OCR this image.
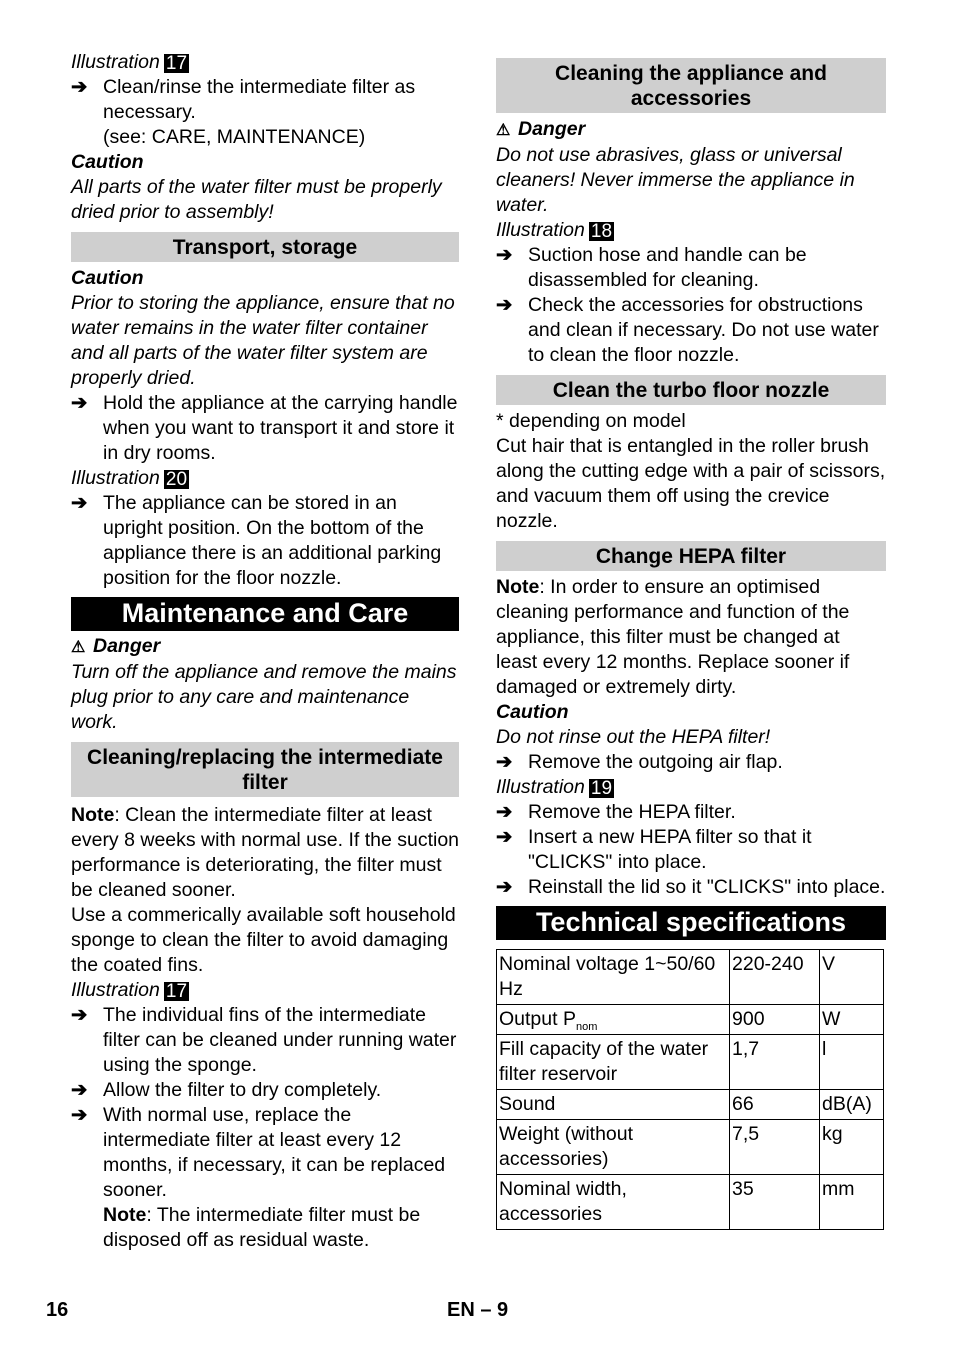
Illustration 17

➔ Clean/rinse the intermediate filter as necessary.
(see: CARE, MAINTENANCE)

Caution

All parts of the water filter must be properly dried prior to assembly!

Transport, storage

Caution

Prior to storing the appliance, ensure that no water remains in the water filter container and all parts of the water filter system are properly dried.

➔ Hold the appliance at the carrying handle when you want to transport it and store it in dry rooms.

Illustration 20

➔ The appliance can be stored in an upright position. On the bottom of the appliance there is an additional parking position for the floor nozzle.

Maintenance and Care

⚠ Danger

Turn off the appliance and remove the mains plug prior to any care and maintenance work.

Cleaning/replacing the intermediate filter

Note: Clean the intermediate filter at least every 8 weeks with normal use. If the suction performance is deteriorating, the filter must be cleaned sooner.

Use a commerically available soft household sponge to clean the filter to avoid damaging the coated fins.

Illustration 17

➔ The individual fins of the intermediate filter can be cleaned under running water using the sponge.

➔ Allow the filter to dry completely.

➔ With normal use, replace the intermediate filter at least every 12 months, if necessary, it can be replaced sooner.
Note: The intermediate filter must be disposed off as residual waste.

Cleaning the appliance and accessories

⚠ Danger

Do not use abrasives, glass or universal cleaners! Never immerse the appliance in water.

Illustration 18

➔ Suction hose and handle can be disassembled for cleaning.

➔ Check the accessories for obstructions and clean if necessary. Do not use water to clean the floor nozzle.

Clean the turbo floor nozzle

* depending on model

Cut hair that is entangled in the roller brush along the cutting edge with a pair of scissors, and vacuum them off using the crevice nozzle.

Change HEPA filter

Note: In order to ensure an optimised cleaning performance and function of the appliance, this filter must be changed at least every 12 months. Replace sooner if damaged or extremely dirty.

Caution

Do not rinse out the HEPA filter!

➔ Remove the outgoing air flap.

Illustration 19

➔ Remove the HEPA filter.

➔ Insert a new HEPA filter so that it "CLICKS" into place.

➔ Reinstall the lid so it "CLICKS" into place.

Technical specifications
Nominal voltage 1~50/60 Hz	220-240	V
Output $P_{nom}$	900	W
Fill capacity of the water filter reservoir	1,7	l
Sound	66	dB(A)
Weight (without accessories)	7,5	kg
Nominal width, accessories	35	mm
16	EN – 9
